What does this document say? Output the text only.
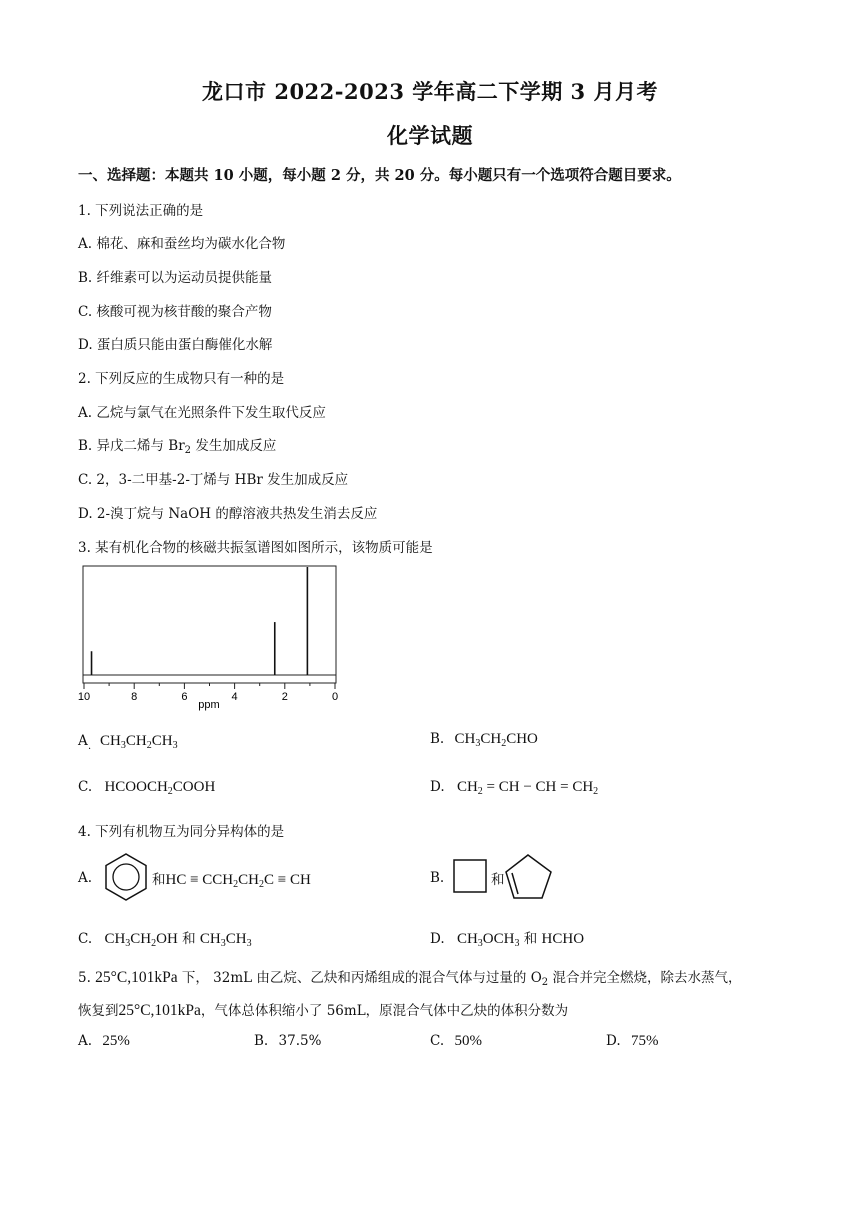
龙口市 2022-2023 学年高二下学期 3 月月考
化学试题
一、选择题：本题共 10 小题，每小题 2 分，共 20 分。每小题只有一个选项符合题目要求。
1. 下列说法正确的是
A. 棉花、麻和蚕丝均为碳水化合物
B. 纤维素可以为运动员提供能量
C. 核酸可视为核苷酸的聚合产物
D. 蛋白质只能由蛋白酶催化水解
2. 下列反应的生成物只有一种的是
A. 乙烷与氯气在光照条件下发生取代反应
B. 异戊二烯与 $Br_2$ 发生加成反应
C. 2，3-二甲基-2-丁烯与 HBr 发生加成反应
D. 2-溴丁烷与 NaOH 的醇溶液共热发生消去反应
3. 某有机化合物的核磁共振氢谱图如图所示，该物质可能是
10	8	6	4	2	0
ppm
A $CH_3CH_2CH_3$
·
B. $CH_3CH_2CHO$
C. $HCOOCH_2COOH$	D. $CH_2$ = CH − CH = $CH_2$
4. 下列有机物互为同分异构体的是
A.	和HC ≡ $CCH_2CH_2C$ ≡ CH	B.	和
C. $CH_3CH_2OH$ 和 $CH_3CH_3$	D. $CH_3OCH_3$ 和 HCHO
5. 25°C,101kPa 下， 32mL 由乙烷、乙炔和丙烯组成的混合气体与过量的 $O_2$ 混合并完全燃烧，除去水蒸气，
恢复到25°C,101kPa，气体总体积缩小了 56mL，原混合气体中乙炔的体积分数为
A. 25%	B. 37.5%	C. 50%	D. 75%
